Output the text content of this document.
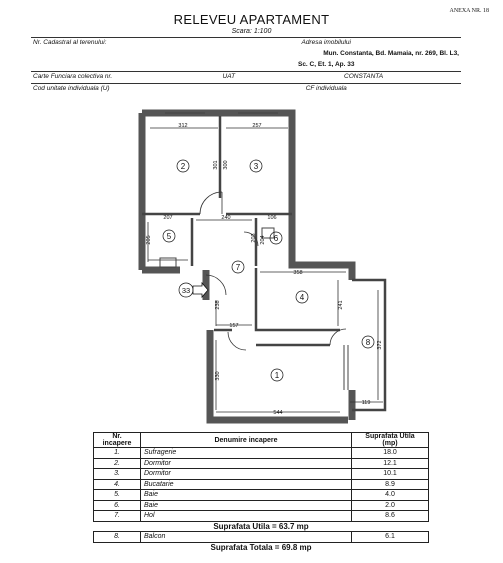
ANEXA NR. 18
RELEVEU APARTAMENT
Scara: 1:100
Nr. Cadastral al terenului:	Adresa imobilului	
	Mun. Constanta, Bd. Mamaia, nr. 269, Bl. L3,	
	Sc. C, Et. 1, Ap. 33	
Carte Funciara colectiva nr.	UAT	CONSTANTA
Cod unitate individuala (U)	CF individuala	
312	257
301 300
207	240	106
205	203 204
358
241
238
157
330
544
372
119
2	3
5	6
7
4
8
1
33
Nr.
incapere	Denumire incapere	Suprafata Utila
(mp)
1.	Sufragerie	18.0
2.	Dormitor	12.1
3.	Dormitor	10.1
4.	Bucatarie	8.9
5.	Baie	4.0
6.	Baie	2.0
7.	Hol	8.6
Suprafata Utila = 63.7 mp		
8.	Balcon	6.1
Suprafata Totala = 69.8 mp		
